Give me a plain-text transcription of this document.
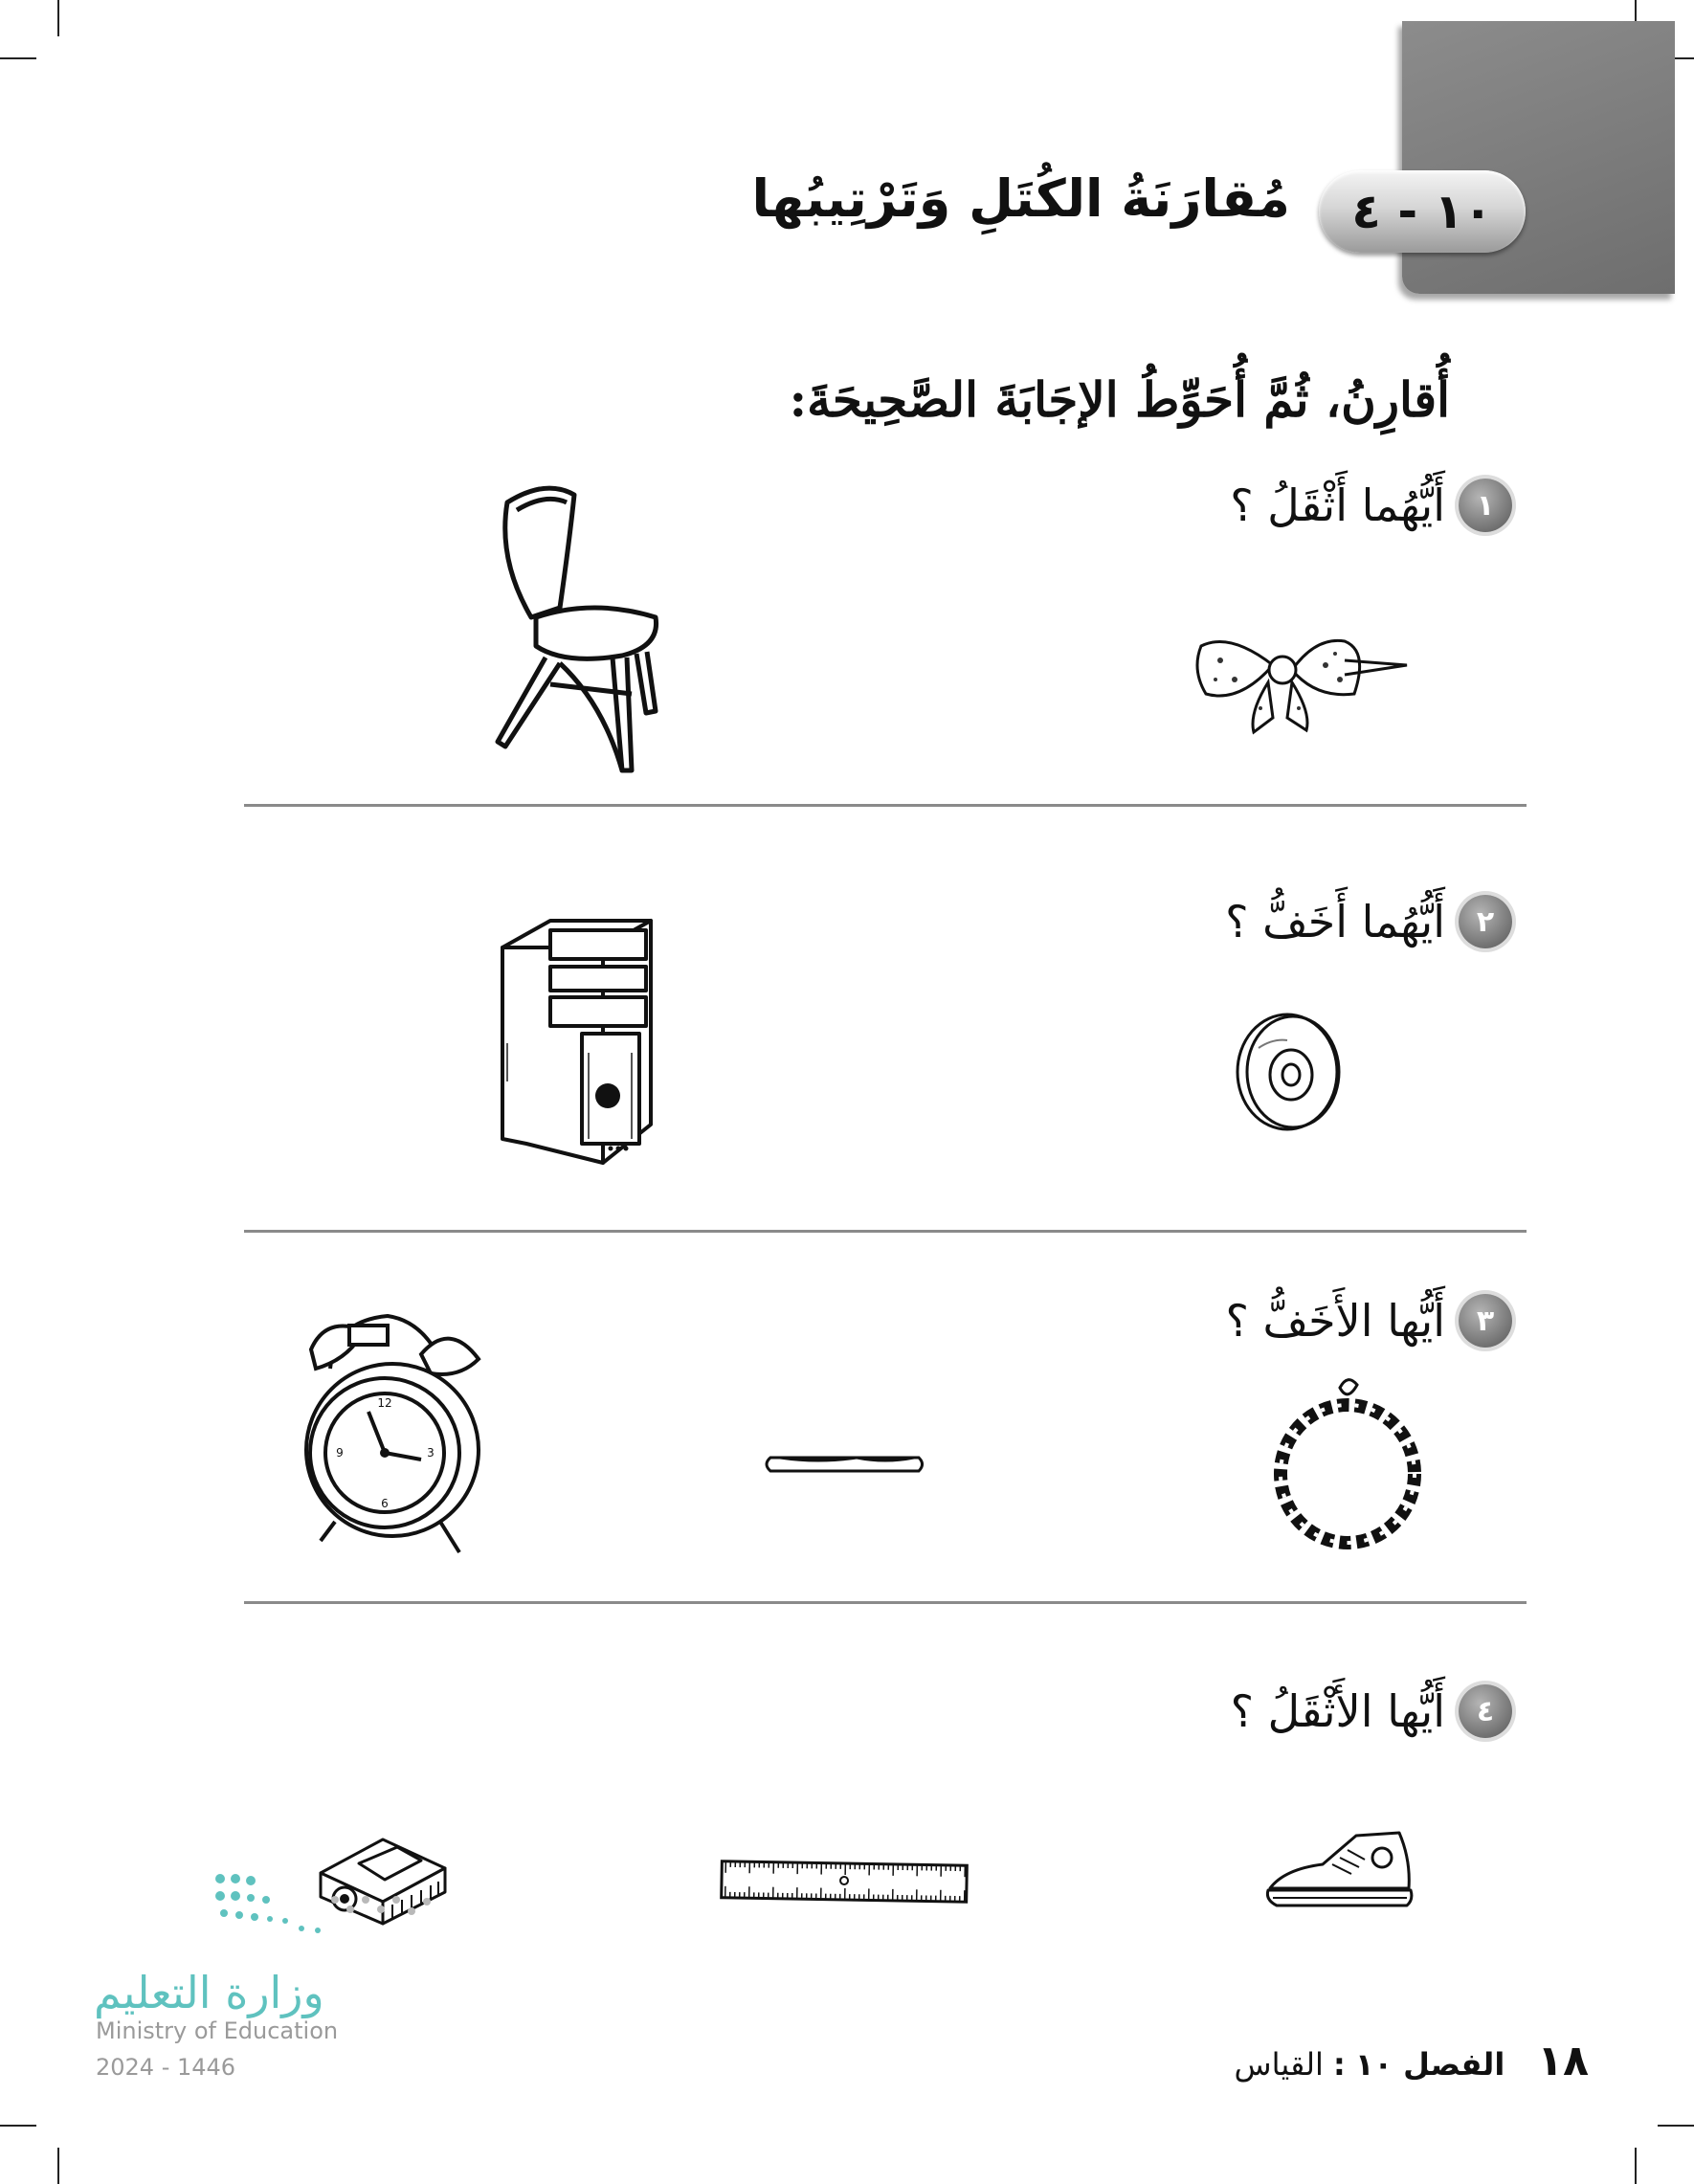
١٠ - ٤
مُقارَنَةُ الكُتَلِ وَتَرْتِيبُها
أُقارِنُ، ثُمَّ أُحَوِّطُ الإجَابَةَ الصَّحِيحَةَ:
١
أَيُّهُما أَثْقَلُ ؟
٢
أَيُّهُما أَخَفُّ ؟
٣
أَيُّها الأَخَفُّ ؟
12
3
6
9
٤
أَيُّها الأَثْقَلُ ؟
١٨
الفصل ١٠ : القياس
وزارة التعليم
Ministry of Education
2024 - 1446
